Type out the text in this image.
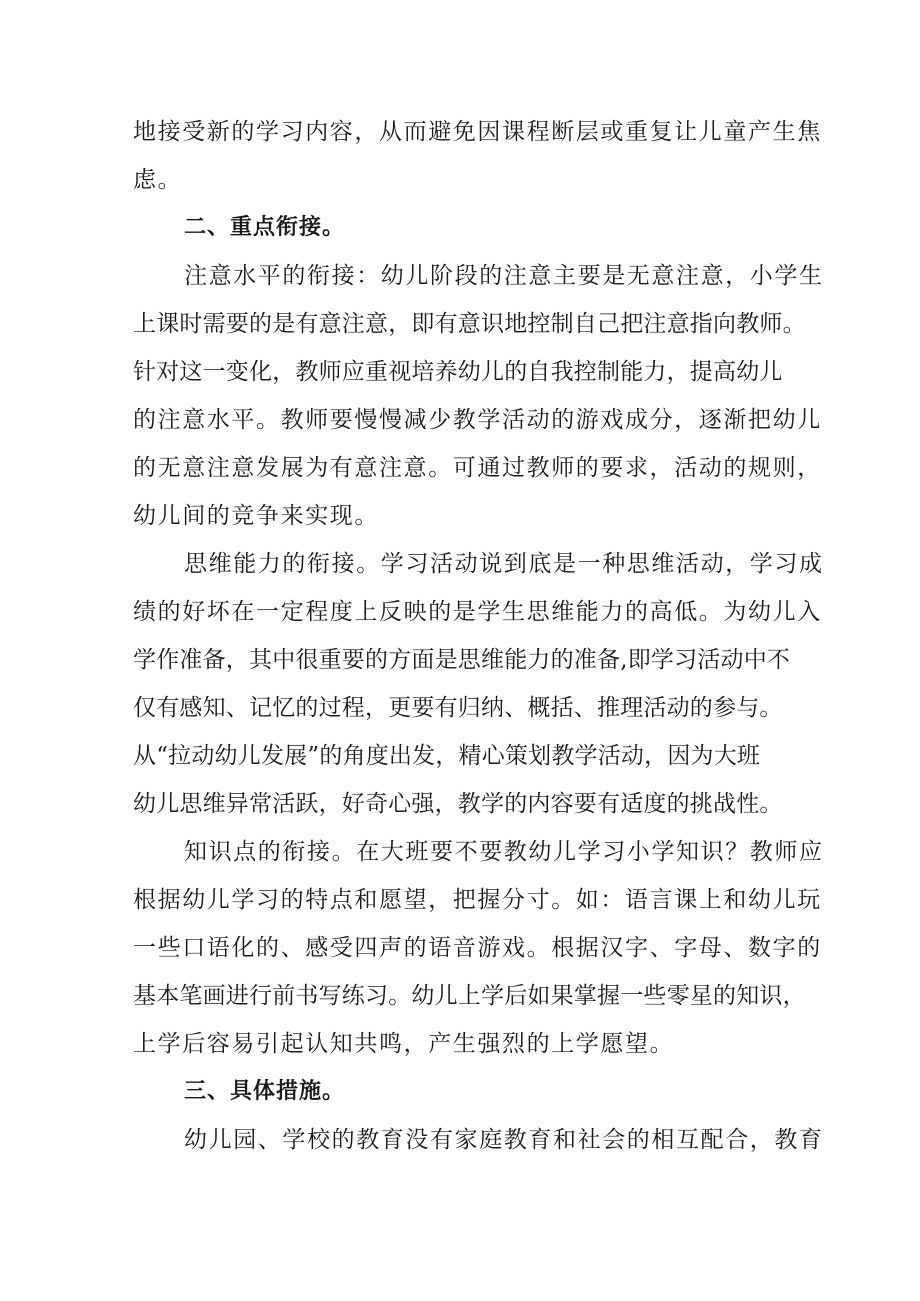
地接受新的学习内容，从而避免因课程断层或重复让儿童产生焦
虑。
二、重点衔接。
注意水平的衔接：幼儿阶段的注意主要是无意注意，小学生
上课时需要的是有意注意，即有意识地控制自己把注意指向教师。
针对这一变化，教师应重视培养幼儿的自我控制能力，提高幼儿
的注意水平。教师要慢慢减少教学活动的游戏成分，逐渐把幼儿
的无意注意发展为有意注意。可通过教师的要求，活动的规则，
幼儿间的竞争来实现。
思维能力的衔接。学习活动说到底是一种思维活动，学习成
绩的好坏在一定程度上反映的是学生思维能力的高低。为幼儿入
学作准备，其中很重要的方面是思维能力的准备,即学习活动中不
仅有感知、记忆的过程，更要有归纳、概括、推理活动的参与。
从“拉动幼儿发展”的角度出发，精心策划教学活动，因为大班
幼儿思维异常活跃，好奇心强，教学的内容要有适度的挑战性。
知识点的衔接。在大班要不要教幼儿学习小学知识？教师应
根据幼儿学习的特点和愿望，把握分寸。如：语言课上和幼儿玩
一些口语化的、感受四声的语音游戏。根据汉字、字母、数字的
基本笔画进行前书写练习。幼儿上学后如果掌握一些零星的知识，
上学后容易引起认知共鸣，产生强烈的上学愿望。
三、具体措施。
幼儿园、学校的教育没有家庭教育和社会的相互配合，教育
